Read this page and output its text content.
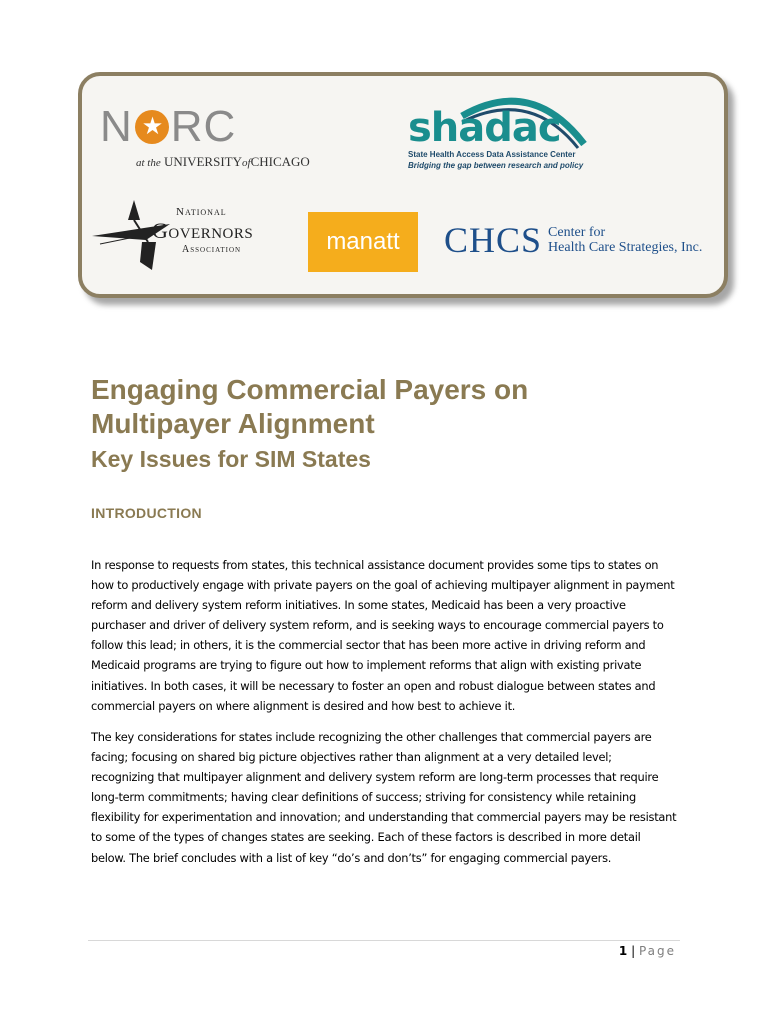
N
★ RC
at the UNIVERSITYofCHICAGO
shadac
State Health Access Data Assistance Center
Bridging the gap between research and policy
National
Governors
Association	manatt CHCS Center for
Health Care Strategies, Inc.
Engaging Commercial Payers on
Multipayer Alignment
Key Issues for SIM States
INTRODUCTION

In response to requests from states, this technical assistance document provides some tips to states on how to productively engage with private payers on the goal of achieving multipayer alignment in payment reform and delivery system reform initiatives. In some states, Medicaid has been a very proactive purchaser and driver of delivery system reform, and is seeking ways to encourage commercial payers to follow this lead; in others, it is the commercial sector that has been more active in driving reform and Medicaid programs are trying to figure out how to implement reforms that align with existing private initiatives. In both cases, it will be necessary to foster an open and robust dialogue between states and commercial payers on where alignment is desired and how best to achieve it.

The key considerations for states include recognizing the other challenges that commercial payers are facing; focusing on shared big picture objectives rather than alignment at a very detailed level; recognizing that multipayer alignment and delivery system reform are long-term processes that require long-term commitments; having clear definitions of success; striving for consistency while retaining flexibility for experimentation and innovation; and understanding that commercial payers may be resistant to some of the types of changes states are seeking. Each of these factors is described in more detail below. The brief concludes with a list of key “do’s and don’ts” for engaging commercial payers.

1 | Page
